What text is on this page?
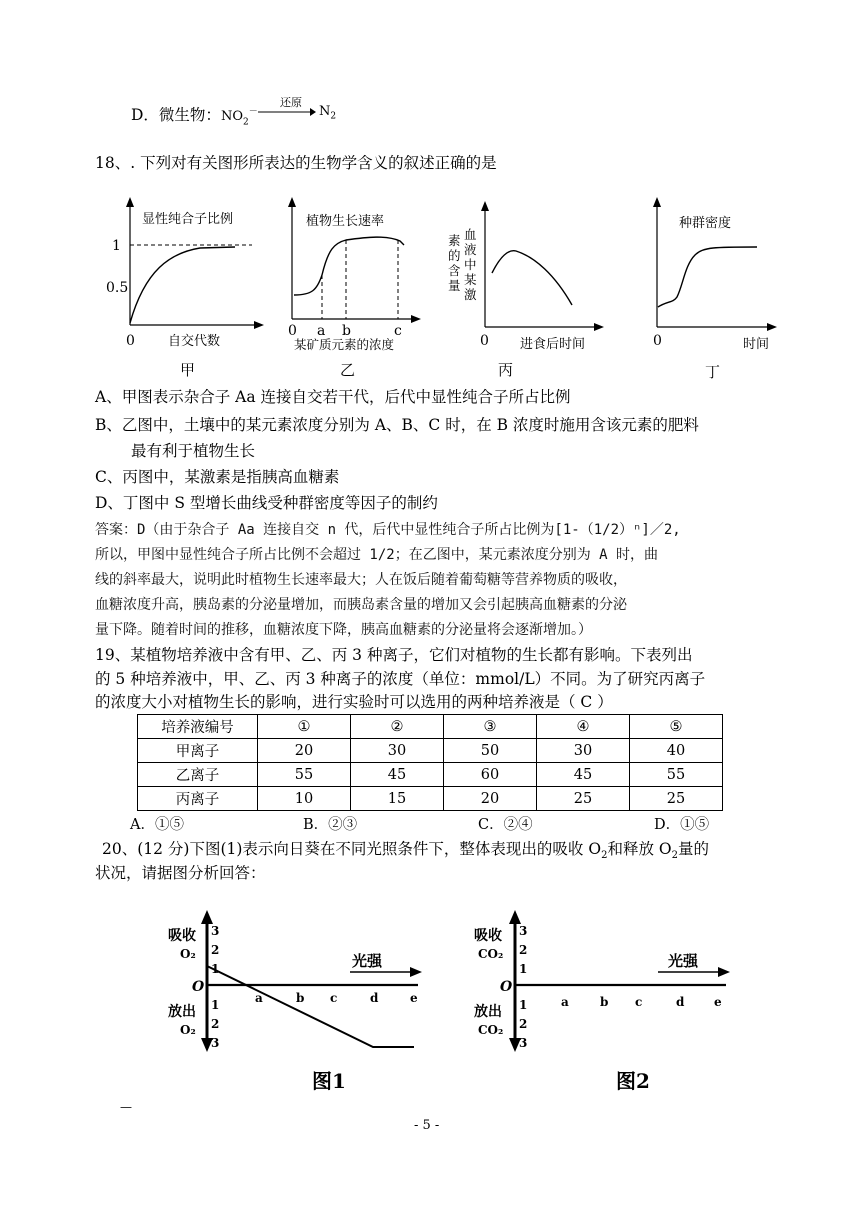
D．微生物：$NO_2^-$
还原
$N_2$
18、. 下列对有关图形所表达的生物学含义的叙述正确的是
显性纯合子比例
1
0.5
0	自交代数
甲
植物生长速率
0 a b	c
某矿质元素的浓度
乙
血
液
中
某
激
素
的
含
量
0 进食后时间
丙
种群密度
0	时间
丁
A、甲图表示杂合子 Aa 连接自交若干代，后代中显性纯合子所占比例
B、乙图中，土壤中的某元素浓度分别为 A、B、C 时，在 B 浓度时施用含该元素的肥料
最有利于植物生长
C、丙图中，某激素是指胰高血糖素
D、丁图中 S 型增长曲线受种群密度等因子的制约
答案：D（由于杂合子 Aa 连接自交 n 代，后代中显性纯合子所占比例为[1-（1/2）ⁿ]／2,
所以，甲图中显性纯合子所占比例不会超过 1/2；在乙图中，某元素浓度分别为 A 时，曲
线的斜率最大，说明此时植物生长速率最大；人在饭后随着葡萄糖等营养物质的吸收，
血糖浓度升高，胰岛素的分泌量增加，而胰岛素含量的增加又会引起胰高血糖素的分泌
量下降。随着时间的推移，血糖浓度下降，胰高血糖素的分泌量将会逐渐增加。）
19、某植物培养液中含有甲、乙、丙 3 种离子，它们对植物的生长都有影响。下表列出
的 5 种培养液中，甲、乙、丙 3 种离子的浓度（单位：mmol/L）不同。为了研究丙离子
的浓度大小对植物生长的影响，进行实验时可以选用的两种培养液是（ C ）
培养液编号	①	②	③	④	⑤
甲离子	20	30	50	30	40
乙离子	55	45	60	45	55
丙离子	10	15	20	25	25
A．①⑤	B．②③	C．②④	D．①⑤
20、(12 分)下图(1)表示向日葵在不同光照条件下，整体表现出的吸收 $O_2$和释放 $O_2$量的
状况，请据图分析回答：
光强
吸收
O₂
放出
O₂
3
2
1
1
2
3
O
a	b c	d	e
图1
光强
吸收
CO₂
放出
CO₂
3
2
1
1
2
3
O
a	b c	d e
图2
—
- 5 -
